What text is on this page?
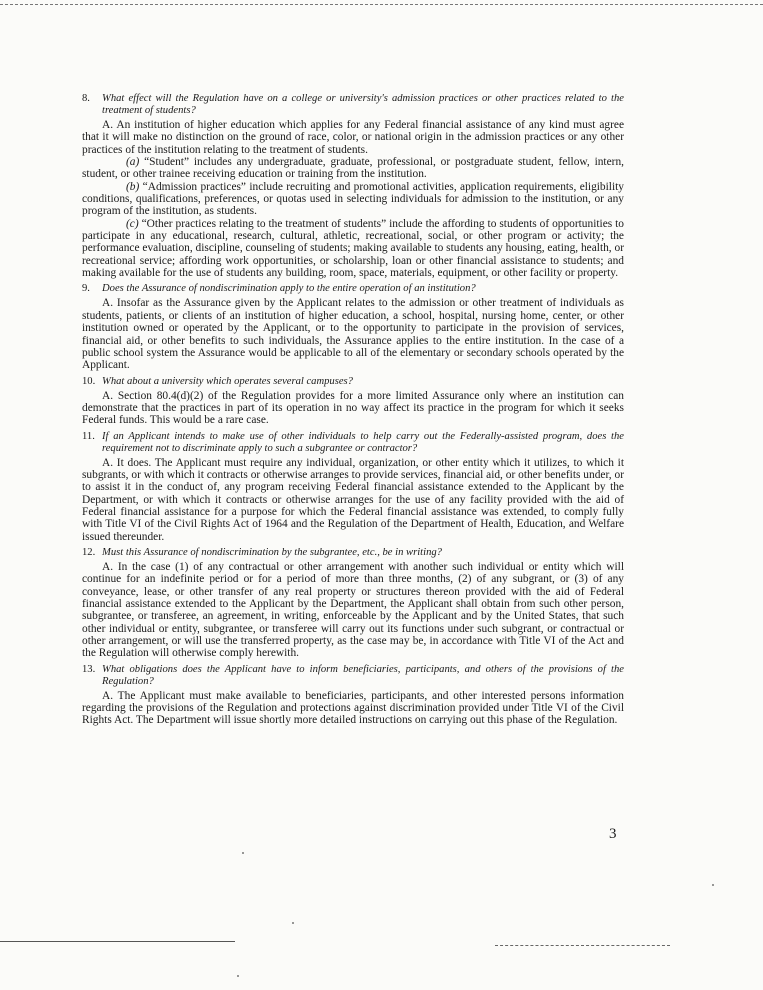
8. What effect will the Regulation have on a college or university's admission practices or other practices related to the treatment of students?

A. An institution of higher education which applies for any Federal financial assistance of any kind must agree that it will make no distinction on the ground of race, color, or national origin in the admission practices or any other practices of the institution relating to the treatment of students.

(a) “Student” includes any undergraduate, graduate, professional, or postgraduate student, fellow, intern, student, or other trainee receiving education or training from the institution.

(b) “Admission practices” include recruiting and promotional activities, application requirements, eligibility conditions, qualifications, preferences, or quotas used in selecting individuals for admission to the institution, or any program of the institution, as students.

(c) “Other practices relating to the treatment of students” include the affording to students of opportunities to participate in any educational, research, cultural, athletic, recreational, social, or other program or activity; the performance evaluation, discipline, counseling of students; making available to students any housing, eating, health, or recreational service; affording work opportunities, or scholarship, loan or other financial assistance to students; and making available for the use of students any building, room, space, materials, equipment, or other facility or property.

9. Does the Assurance of nondiscrimination apply to the entire operation of an institution?

A. Insofar as the Assurance given by the Applicant relates to the admission or other treatment of individuals as students, patients, or clients of an institution of higher education, a school, hospital, nursing home, center, or other institution owned or operated by the Applicant, or to the opportunity to participate in the provision of services, financial aid, or other benefits to such individuals, the Assurance applies to the entire institution. In the case of a public school system the Assurance would be applicable to all of the elementary or secondary schools operated by the Applicant.

10. What about a university which operates several campuses?

A. Section 80.4(d)(2) of the Regulation provides for a more limited Assurance only where an institution can demonstrate that the practices in part of its operation in no way affect its practice in the program for which it seeks Federal funds. This would be a rare case.

11. If an Applicant intends to make use of other individuals to help carry out the Federally-assisted program, does the requirement not to discriminate apply to such a subgrantee or contractor?

A. It does. The Applicant must require any individual, organization, or other entity which it utilizes, to which it subgrants, or with which it contracts or otherwise arranges to provide services, financial aid, or other benefits under, or to assist it in the conduct of, any program receiving Federal financial assistance extended to the Applicant by the Department, or with which it contracts or otherwise arranges for the use of any facility provided with the aid of Federal financial assistance for a purpose for which the Federal financial assistance was extended, to comply fully with Title VI of the Civil Rights Act of 1964 and the Regulation of the Department of Health, Education, and Welfare issued thereunder.

12. Must this Assurance of nondiscrimination by the subgrantee, etc., be in writing?

A. In the case (1) of any contractual or other arrangement with another such individual or entity which will continue for an indefinite period or for a period of more than three months, (2) of any subgrant, or (3) of any conveyance, lease, or other transfer of any real property or structures thereon provided with the aid of Federal financial assistance extended to the Applicant by the Department, the Applicant shall obtain from such other person, subgrantee, or transferee, an agreement, in writing, enforceable by the Applicant and by the United States, that such other individual or entity, subgrantee, or transferee will carry out its functions under such subgrant, or contractual or other arrangement, or will use the transferred property, as the case may be, in accordance with Title VI of the Act and the Regulation will otherwise comply herewith.

13. What obligations does the Applicant have to inform beneficiaries, participants, and others of the provisions of the Regulation?

A. The Applicant must make available to beneficiaries, participants, and other interested persons information regarding the provisions of the Regulation and protections against discrimination provided under Title VI of the Civil Rights Act. The Department will issue shortly more detailed instructions on carrying out this phase of the Regulation.

3
